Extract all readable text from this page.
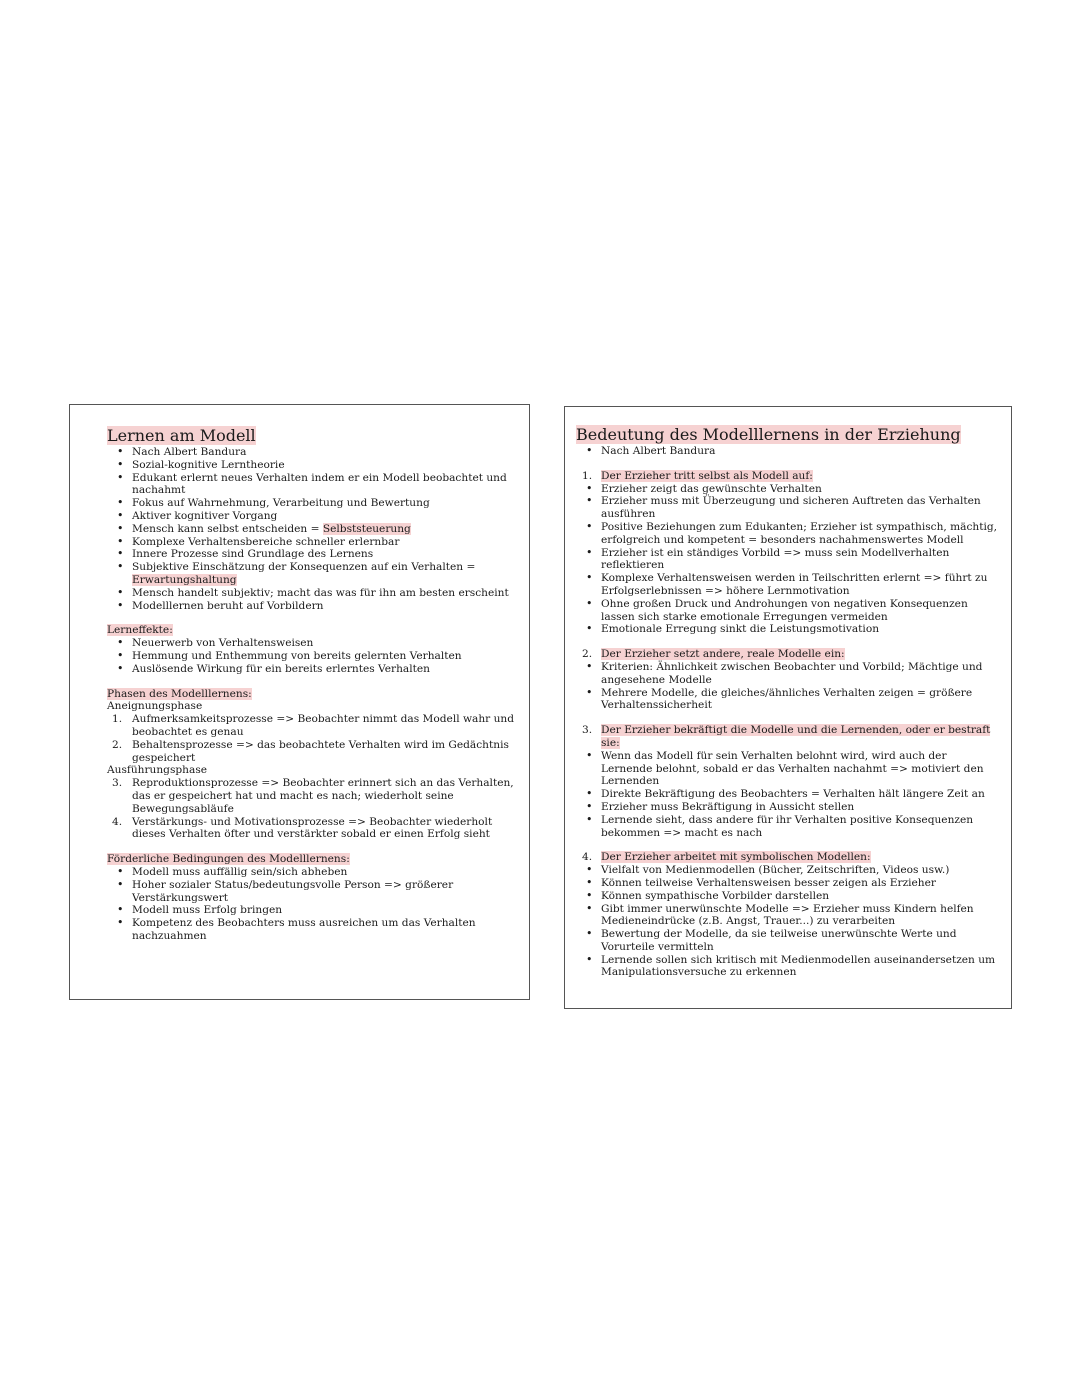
Lernen am Modell
• Nach Albert Bandura
• Sozial-kognitive Lerntheorie
• Edukant erlernt neues Verhalten indem er ein Modell beobachtet und nachahmt
• Fokus auf Wahrnehmung, Verarbeitung und Bewertung
• Aktiver kognitiver Vorgang
• Mensch kann selbst entscheiden = Selbststeuerung
• Komplexe Verhaltensbereiche schneller erlernbar
• Innere Prozesse sind Grundlage des Lernens
• Subjektive Einschätzung der Konsequenzen auf ein Verhalten = Erwartungshaltung
• Mensch handelt subjektiv; macht das was für ihn am besten erscheint
• Modelllernen beruht auf Vorbildern
Lerneffekte:
• Neuerwerb von Verhaltensweisen
• Hemmung und Enthemmung von bereits gelernten Verhalten
• Auslösende Wirkung für ein bereits erlerntes Verhalten
Phasen des Modelllernens:
Aneignungsphase
1. Aufmerksamkeitsprozesse => Beobachter nimmt das Modell wahr und beobachtet es genau
2. Behaltensprozesse => das beobachtete Verhalten wird im Gedächtnis gespeichert
Ausführungsphase
3. Reproduktionsprozesse => Beobachter erinnert sich an das Verhalten, das er gespeichert hat und macht es nach; wiederholt seine Bewegungsabläufe
4. Verstärkungs- und Motivationsprozesse => Beobachter wiederholt dieses Verhalten öfter und verstärkter sobald er einen Erfolg sieht
Förderliche Bedingungen des Modelllernens:
• Modell muss auffällig sein/sich abheben
• Hoher sozialer Status/bedeutungsvolle Person => größerer Verstärkungswert
• Modell muss Erfolg bringen
• Kompetenz des Beobachters muss ausreichen um das Verhalten nachzuahmen
Bedeutung des Modelllernens in der Erziehung
• Nach Albert Bandura
1. Der Erzieher tritt selbst als Modell auf:
• Erzieher zeigt das gewünschte Verhalten
• Erzieher muss mit Überzeugung und sicheren Auftreten das Verhalten ausführen
• Positive Beziehungen zum Edukanten; Erzieher ist sympathisch, mächtig, erfolgreich und kompetent = besonders nachahmenswertes Modell
• Erzieher ist ein ständiges Vorbild => muss sein Modellverhalten reflektieren
• Komplexe Verhaltensweisen werden in Teilschritten erlernt => führt zu Erfolgserlebnissen => höhere Lernmotivation
• Ohne großen Druck und Androhungen von negativen Konsequenzen lassen sich starke emotionale Erregungen vermeiden
• Emotionale Erregung sinkt die Leistungsmotivation
2. Der Erzieher setzt andere, reale Modelle ein:
• Kriterien: Ähnlichkeit zwischen Beobachter und Vorbild; Mächtige und angesehene Modelle
• Mehrere Modelle, die gleiches/ähnliches Verhalten zeigen = größere Verhaltenssicherheit
3. Der Erzieher bekräftigt die Modelle und die Lernenden, oder er bestraft sie:
• Wenn das Modell für sein Verhalten belohnt wird, wird auch der Lernende belohnt, sobald er das Verhalten nachahmt => motiviert den Lernenden
• Direkte Bekräftigung des Beobachters = Verhalten hält längere Zeit an
• Erzieher muss Bekräftigung in Aussicht stellen
• Lernende sieht, dass andere für ihr Verhalten positive Konsequenzen bekommen => macht es nach
4. Der Erzieher arbeitet mit symbolischen Modellen:
• Vielfalt von Medienmodellen (Bücher, Zeitschriften, Videos usw.)
• Können teilweise Verhaltensweisen besser zeigen als Erzieher
• Können sympathische Vorbilder darstellen
• Gibt immer unerwünschte Modelle => Erzieher muss Kindern helfen Medieneindrücke (z.B. Angst, Trauer...) zu verarbeiten
• Bewertung der Modelle, da sie teilweise unerwünschte Werte und Vorurteile vermitteln
• Lernende sollen sich kritisch mit Medienmodellen auseinandersetzen um Manipulationsversuche zu erkennen
